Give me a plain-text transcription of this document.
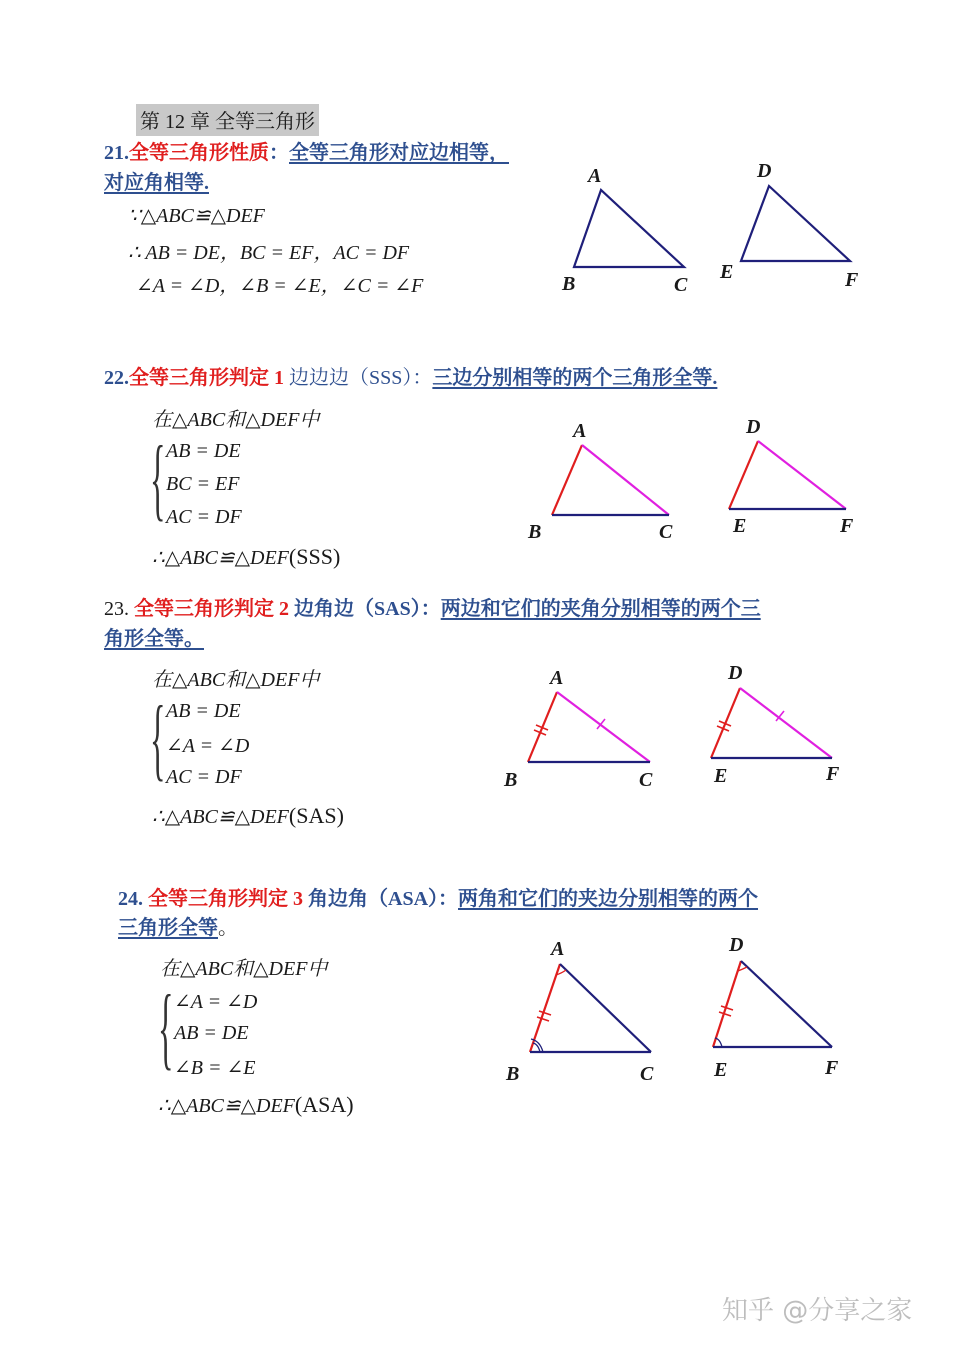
第 12 章 全等三角形
21.全等三角形性质：全等三角形对应边相等，
对应角相等.
∵△ABC≌△DEF
∴ AB = DE，BC = EF，AC = DF
∠A = ∠D，∠B = ∠E，∠C = ∠F
A
B	C
D
E	F
22.全等三角形判定 1 边边边（SSS）：三边分别相等的两个三角形全等.
在△ABC和△DEF中
{ AB = DE
BC = EF
AC = DF
∴△ABC≌△DEF(SSS)
A
B	C
D
E	F
23. 全等三角形判定 2 边角边（SAS）：两边和它们的夹角分别相等的两个三
角形全等。
在△ABC和△DEF中
{ AB = DE
∠A = ∠D
AC = DF
∴△ABC≌△DEF(SAS)
A
B	C
D
E	F
24. 全等三角形判定 3 角边角（ASA）：两角和它们的夹边分别相等的两个
三角形全等。
在△ABC和△DEF中
{ ∠A = ∠D
AB = DE
∠B = ∠E
∴△ABC≌△DEF(ASA)
A
B	C
D
E	F
知乎 @分享之家
